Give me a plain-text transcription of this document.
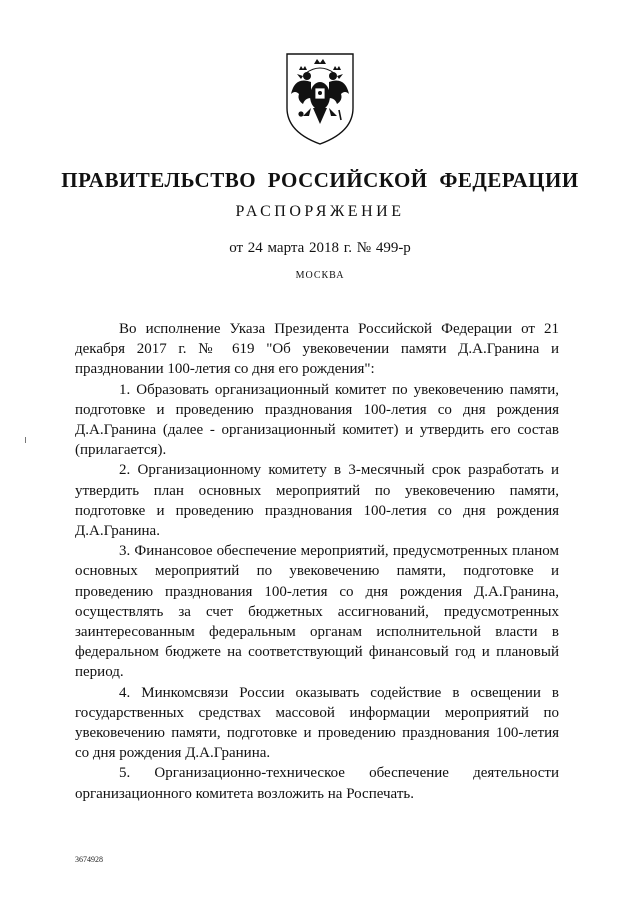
ПРАВИТЕЛЬСТВО РОССИЙСКОЙ ФЕДЕРАЦИИ
РАСПОРЯЖЕНИЕ
от 24 марта 2018 г. № 499-р
МОСКВА

Во исполнение Указа Президента Российской Федерации от 21 декабря 2017 г. № 619 "Об увековечении памяти Д.А.Гранина и праздновании 100-летия со дня его рождения":

1. Образовать организационный комитет по увековечению памяти, подготовке и проведению празднования 100-летия со дня рождения Д.А.Гранина (далее - организационный комитет) и утвердить его состав (прилагается).

2. Организационному комитету в 3-месячный срок разработать и утвердить план основных мероприятий по увековечению памяти, подготовке и проведению празднования 100-летия со дня рождения Д.А.Гранина.

3. Финансовое обеспечение мероприятий, предусмотренных планом основных мероприятий по увековечению памяти, подготовке и проведению празднования 100-летия со дня рождения Д.А.Гранина, осуществлять за счет бюджетных ассигнований, предусмотренных заинтересованным федеральным органам исполнительной власти в федеральном бюджете на соответствующий финансовый год и плановый период.

4. Минкомсвязи России оказывать содействие в освещении в государственных средствах массовой информации мероприятий по увековечению памяти, подготовке и проведению празднования 100-летия со дня рождения Д.А.Гранина.

5. Организационно-техническое обеспечение деятельности организационного комитета возложить на Роспечать.

3674928
